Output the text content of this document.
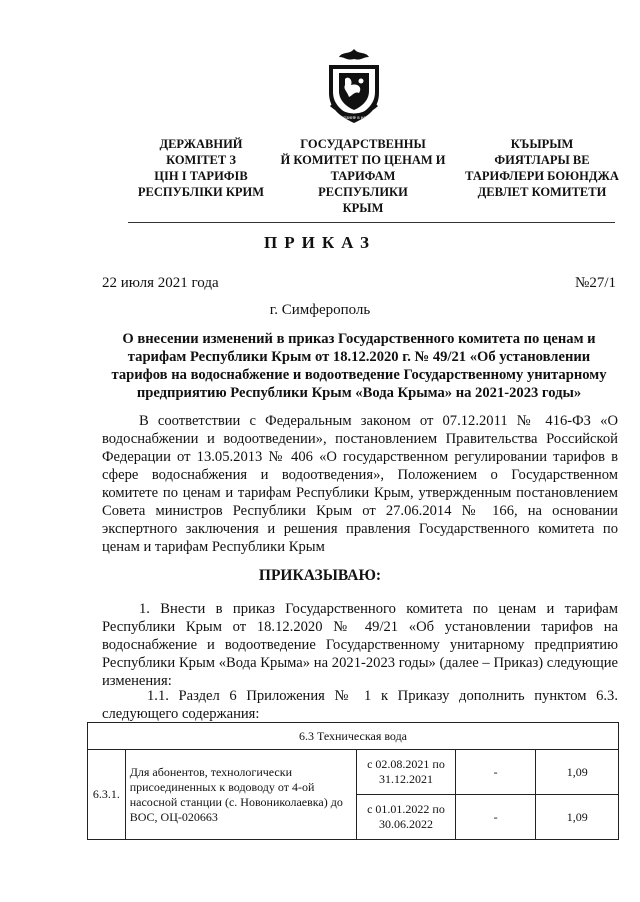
Процветание в единстве
ДЕРЖАВНИЙ
КОМІТЕТ З
ЦІН І ТАРИФІВ
РЕСПУБЛІКИ КРИМ
ГОСУДАРСТВЕННЫ
Й КОМИТЕТ ПО ЦЕНАМ И
ТАРИФАМ
РЕСПУБЛИКИ
КРЫМ
КЪЫРЫМ
ФИЯТЛАРЫ ВЕ
ТАРИФЛЕРИ БОЮНДЖА
ДЕВЛЕТ КОМИТЕТИ
ПРИКАЗ
22 июля 2021 года	№27/1
г. Симферополь
О внесении изменений в приказ Государственного комитета по ценам и тарифам Республики Крым от 18.12.2020 г. № 49/21 «Об установлении тарифов на водоснабжение и водоотведение Государственному унитарному предприятию Республики Крым «Вода Крыма» на 2021-2023 годы»
В соответствии с Федеральным законом от 07.12.2011 № 416-ФЗ «О водоснабжении и водоотведении», постановлением Правительства Российской Федерации от 13.05.2013 № 406 «О государственном регулировании тарифов в сфере водоснабжения и водоотведения», Положением о Государственном комитете по ценам и тарифам Республики Крым, утвержденным постановлением Совета министров Республики Крым от 27.06.2014 № 166, на основании экспертного заключения и решения правления Государственного комитета по ценам и тарифам Республики Крым
ПРИКАЗЫВАЮ:
1. Внести в приказ Государственного комитета по ценам и тарифам Республики Крым от 18.12.2020 № 49/21 «Об установлении тарифов на водоснабжение и водоотведение Государственному унитарному предприятию Республики Крым «Вода Крыма» на 2021-2023 годы» (далее – Приказ) следующие изменения:
1.1. Раздел 6 Приложения № 1 к Приказу дополнить пунктом 6.3. следующего содержания:
6.3 Техническая вода				
6.3.1.	Для абонентов, технологически присоединенных к водоводу от 4-ой насосной станции (с. Новониколаевка) до ВОС, ОЦ-020663	с 02.08.2021 по 31.12.2021	-	1,09
		с 01.01.2022 по 30.06.2022	-	1,09
